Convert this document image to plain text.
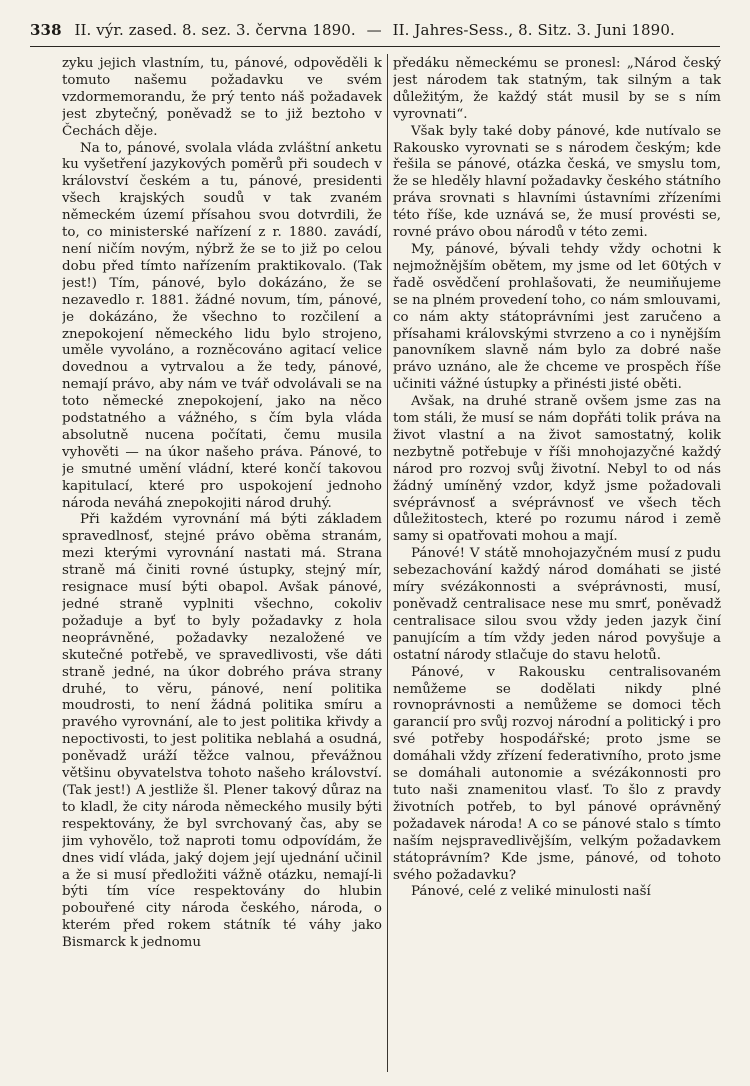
338 II. výr. zased. 8. sez. 3. června 1890. — II. Jahres-Sess., 8. Sitz. 3. Juni 1890.

zyku jejich vlastním, tu, pánové, odpověděli k tomuto našemu požadavku ve svém vzdormemorandu, že prý tento náš požadavek jest zbytečný, poněvadž se to již beztoho v Čechách děje.

Na to, pánové, svolala vláda zvláštní anketu ku vyšetření jazykových poměrů při soudech v království českém a tu, pánové, presidenti všech krajských soudů v tak zvaném německém území přísahou svou dotvrdili, že to, co ministerské nařízení z r. 1880. zavádí, není ničím novým, nýbrž že se to již po celou dobu před tímto nařízením praktikovalo. (Tak jest!) Tím, pánové, bylo dokázáno, že se nezavedlo r. 1881. žádné novum, tím, pánové, je dokázáno, že všechno to rozčilení a znepokojení německého lidu bylo strojeno, uměle vyvoláno, a rozněcováno agitací velice dovednou a vytrvalou a že tedy, pánové, nemají právo, aby nám ve tvář odvolávali se na toto německé znepokojení, jako na něco podstatného a vážného, s čím byla vláda absolutně nucena počítati, čemu musila vyhověti — na úkor našeho práva. Pánové, to je smutné umění vládní, které končí takovou kapitulací, které pro uspokojení jednoho národa neváhá znepokojiti národ druhý.

Při každém vyrovnání má býti základem spravedlnosť, stejné právo oběma stranám, mezi kterými vyrovnání nastati má. Strana straně má činiti rovné ústupky, stejný mír, resignace musí býti obapol. Avšak pánové, jedné straně vyplniti všechno, cokoliv požaduje a byť to byly požadavky z hola neoprávněné, požadavky nezaložené ve skutečné potřebě, ve spravedlivosti, vše dáti straně jedné, na úkor dobrého práva strany druhé, to věru, pánové, není politika moudrosti, to není žádná politika smíru a pravého vyrovnání, ale to jest politika křivdy a nepoctivosti, to jest politika neblahá a osudná, poněvadž uráží těžce valnou, převážnou většinu obyvatelstva tohoto našeho království. (Tak jest!) A jestliže šl. Plener takový důraz na to kladl, že city národa německého musily býti respektovány, že byl svrchovaný čas, aby se jim vyhovělo, tož naproti tomu odpovídám, že dnes vidí vláda, jaký dojem její ujednání učinil a že si musí předložiti vážně otázku, nemají-li býti tím více respektovány do hlubin pobouřené city národa českého, národa, o kterém před rokem státník té váhy jako Bismarck k jednomu

předáku německému se pronesl: „Národ český jest národem tak statným, tak silným a tak důležitým, že každý stát musil by se s ním vyrovnati“.

Však byly také doby pánové, kde nutívalo se Rakousko vyrovnati se s národem českým; kde řešila se pánové, otázka česká, ve smyslu tom, že se hleděly hlavní požadavky českého státního práva srovnati s hlavními ústavními zřízeními této říše, kde uznává se, že musí provésti se, rovné právo obou národů v této zemi.

My, pánové, bývali tehdy vždy ochotni k nejmožnějším obětem, my jsme od let 60tých v řadě osvědčení prohlašovati, že neumiňujeme se na plném provedení toho, co nám smlouvami, co nám akty státoprávními jest zaručeno a přísahami královskými stvrzeno a co i nynějším panovníkem slavně nám bylo za dobré naše právo uznáno, ale že chceme ve prospěch říše učiniti vážné ústupky a přinésti jisté oběti.

Avšak, na druhé straně ovšem jsme zas na tom stáli, že musí se nám dopřáti tolik práva na život vlastní a na život samostatný, kolik nezbytně potřebuje v říši mnohojazyčné každý národ pro rozvoj svůj životní. Nebyl to od nás žádný umíněný vzdor, když jsme požadovali svéprávnosť a svéprávnosť ve všech těch důležitostech, které po rozumu národ i země samy si opatřovati mohou a mají.

Pánové! V státě mnohojazyčném musí z pudu sebezachování každý národ domáhati se jisté míry svézákonnosti a svéprávnosti, musí, poněvadž centralisace nese mu smrť, poněvadž centralisace silou svou vždy jeden jazyk činí panujícím a tím vždy jeden národ povyšuje a ostatní národy stlačuje do stavu helotů.

Pánové, v Rakousku centralisovaném nemůžeme se dodělati nikdy plné rovnoprávnosti a nemůžeme se domoci těch garancií pro svůj rozvoj národní a politický i pro své potřeby hospodářské; proto jsme se domáhali vždy zřízení federativního, proto jsme se domáhali autonomie a svézákonnosti pro tuto naši znamenitou vlasť. To šlo z pravdy životních potřeb, to byl pánové oprávněný požadavek národa! A co se pánové stalo s tímto naším nejspravedlivějším, velkým požadavkem státoprávním? Kde jsme, pánové, od tohoto svého požadavku?

Pánové, celé z veliké minulosti naší
